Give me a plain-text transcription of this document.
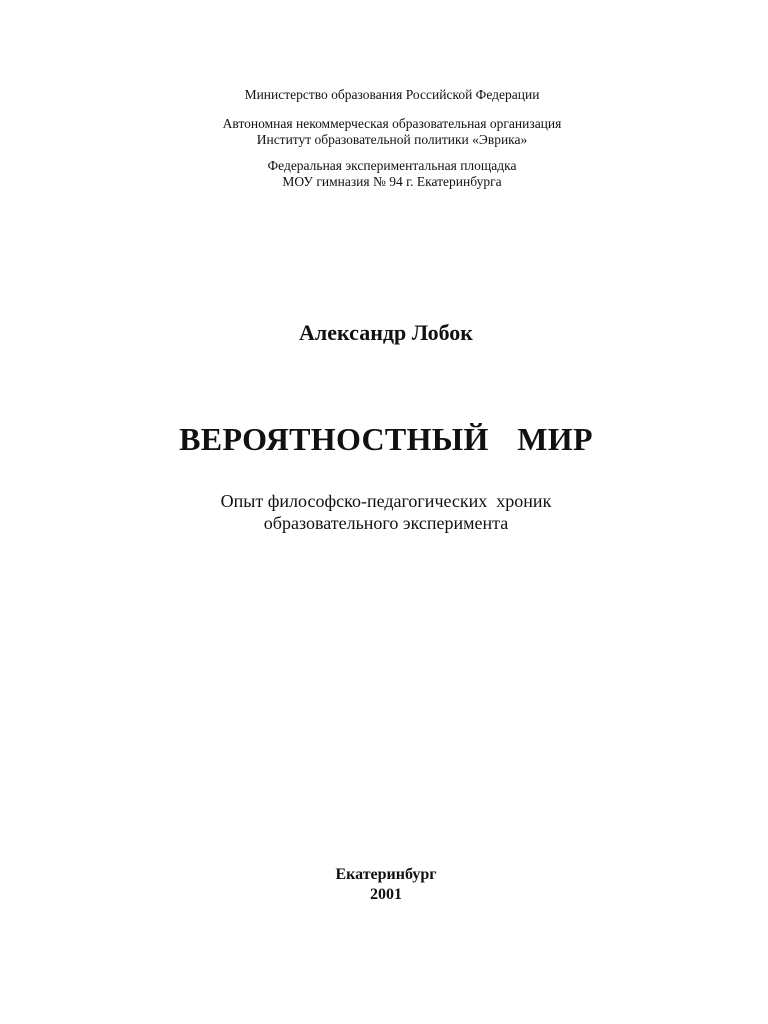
Министерство образования Российской Федерации
Автономная некоммерческая образовательная организация
Институт образовательной политики «Эврика»
Федеральная экспериментальная площадка
МОУ гимназия № 94 г. Екатеринбурга
Александр Лобок
ВЕРОЯТНОСТНЫЙ  МИР
Опыт философско-педагогических  хроник
образовательного эксперимента
Екатеринбург
2001
